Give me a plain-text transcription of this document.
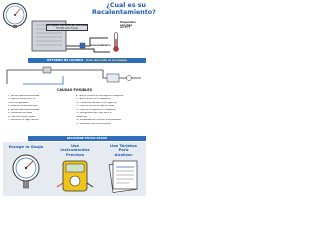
¿Cual es su
Recalentamiento?
RETORNO PRESION DE SUCCION
35 PSIG (Aire Fuera)
Temperatura
aqui debe
ser 55°F
RECALENTAMIENTO
RETORNO DE LIQUIDO · Solo durante el arranque
CAUSAS POSIBLES
1. Válvula sobredimensionada
2. Fuga en asiento de TXV
(Línea de igualador)
3. Bulbo de recalentamiento
4. Válvula sobredimensionada
5. Instalación del bulbo
6. Contacto térmico pobre
7. Ubicación en lugar caliente
8. Tipo de cilindro de descarga del compresor
9. Tipo de aceite en el compresor
10. Compresor ubicado en un lugar frío
11. Tubo de succión al tope del codo
12. Flujo del refrigerante al compresor
13. Refrigerante que viaja hacia el
compresor
14. Evaporador del sistema intercambiador
15. Escalador externo defectuoso
RECUERDE ESTOS PASOS
Escoge la Gauja	Use
Instrumentos
Precisos
Use Tarjetas
Para
Analizar
